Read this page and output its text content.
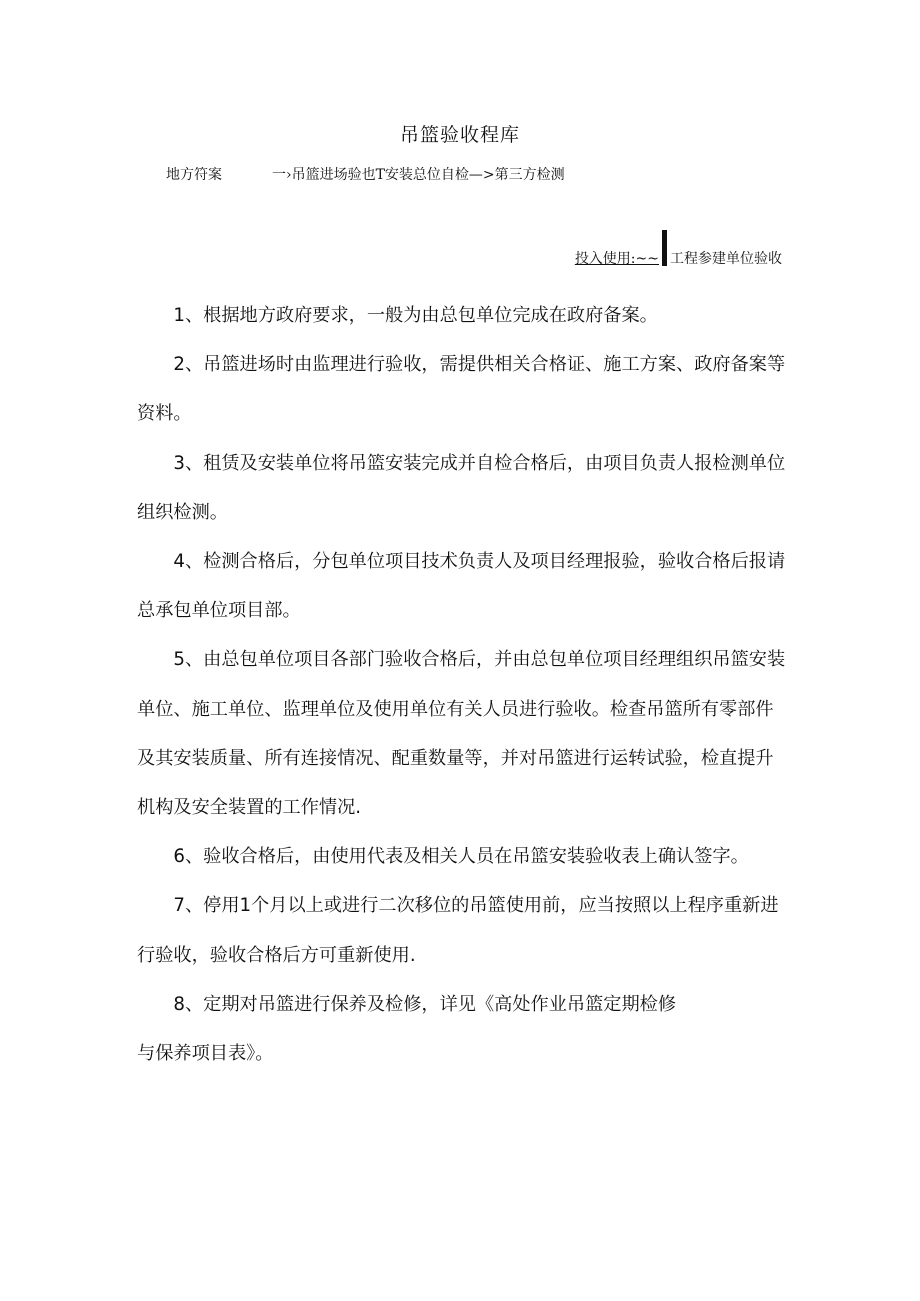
吊篮验收程库
地方符案	一›吊篮进场验也T安装总位自检—>第三方检测
投入使用:~~ 工程参建单位验收

1、根据地方政府要求，一般为由总包单位完成在政府备案。

2、吊篮进场时由监理进行验收，需提供相关合格证、施工方案、政府备案等资料。

3、租赁及安装单位将吊篮安装完成并自检合格后，由项目负责人报检测单位组织检测。

4、检测合格后，分包单位项目技术负责人及项目经理报验，验收合格后报请总承包单位项目部。

5、由总包单位项目各部门验收合格后，并由总包单位项目经理组织吊篮安装单位、施工单位、监理单位及使用单位有关人员进行验收。检查吊篮所有零部件及其安装质量、所有连接情况、配重数量等，并对吊篮进行运转试验，检直提升机构及安全装置的工作情况.

6、验收合格后，由使用代表及相关人员在吊篮安装验收表上确认签字。

7、停用1个月以上或进行二次移位的吊篮使用前，应当按照以上程序重新进行验收，验收合格后方可重新使用.

8、定期对吊篮进行保养及检修，详见《高处作业吊篮定期检修

与保养项目表》。
